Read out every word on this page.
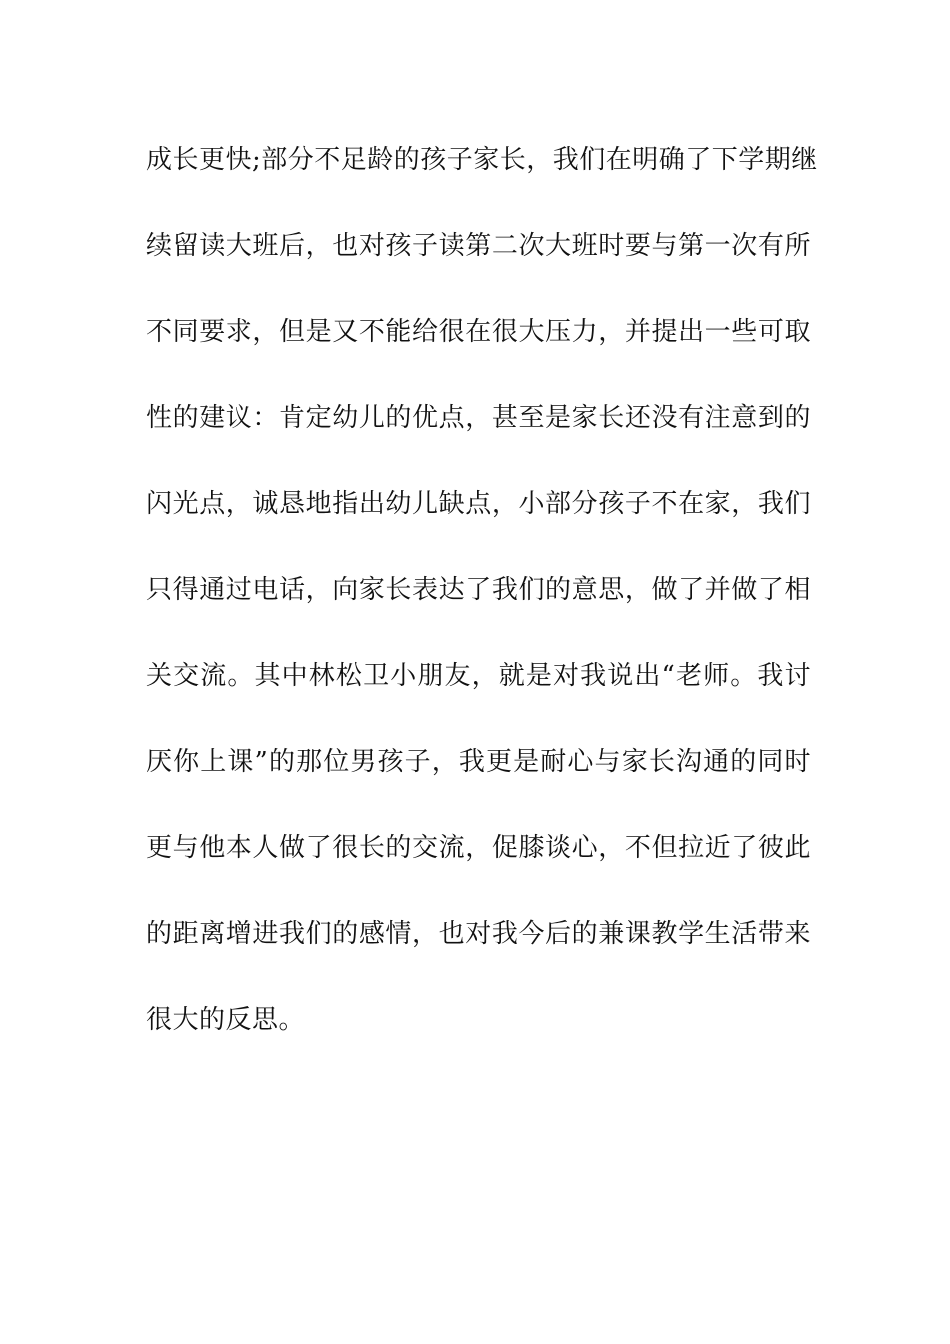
成长更快;部分不足龄的孩子家长，我们在明确了下学期继
续留读大班后，也对孩子读第二次大班时要与第一次有所
不同要求，但是又不能给很在很大压力，并提出一些可取
性的建议：肯定幼儿的优点，甚至是家长还没有注意到的
闪光点，诚恳地指出幼儿缺点，小部分孩子不在家，我们
只得通过电话，向家长表达了我们的意思，做了并做了相
关交流。其中林松卫小朋友，就是对我说出“老师。我讨
厌你上课”的那位男孩子，我更是耐心与家长沟通的同时
更与他本人做了很长的交流，促膝谈心，不但拉近了彼此
的距离增进我们的感情，也对我今后的兼课教学生活带来
很大的反思。
